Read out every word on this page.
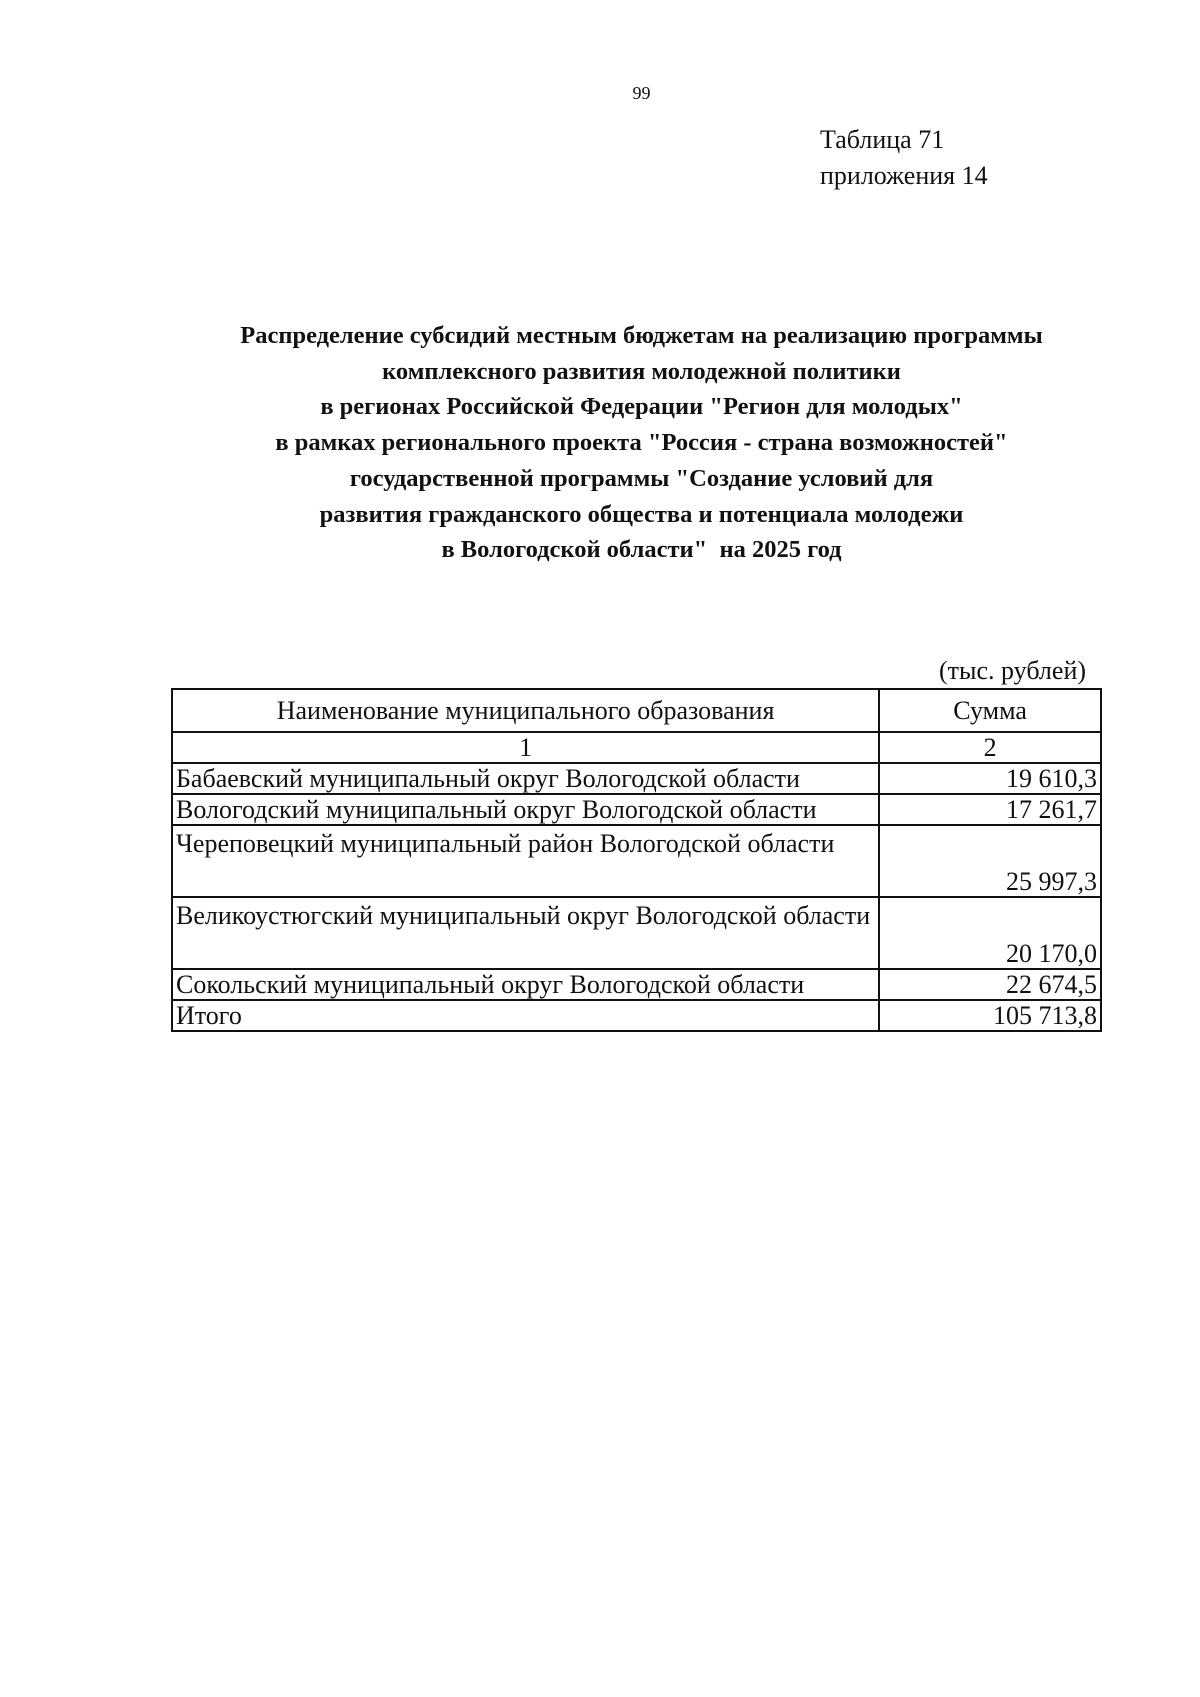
99
Таблица 71
приложения 14
Распределение субсидий местным бюджетам на реализацию программы
комплексного развития молодежной политики
в регионах Российской Федерации "Регион для молодых"
в рамках регионального проекта "Россия - страна возможностей"
государственной программы "Создание условий для
развития гражданского общества и потенциала молодежи
в Вологодской области"  на 2025 год
(тыс. рублей)
Наименование муниципального образования	Сумма
1	2
Бабаевский муниципальный округ Вологодской области	19 610,3
Вологодский муниципальный округ Вологодской области	17 261,7
Череповецкий муниципальный район Вологодской области	25 997,3
Великоустюгский муниципальный округ Вологодской области	20 170,0
Сокольский муниципальный округ Вологодской области	22 674,5
Итого	105 713,8
